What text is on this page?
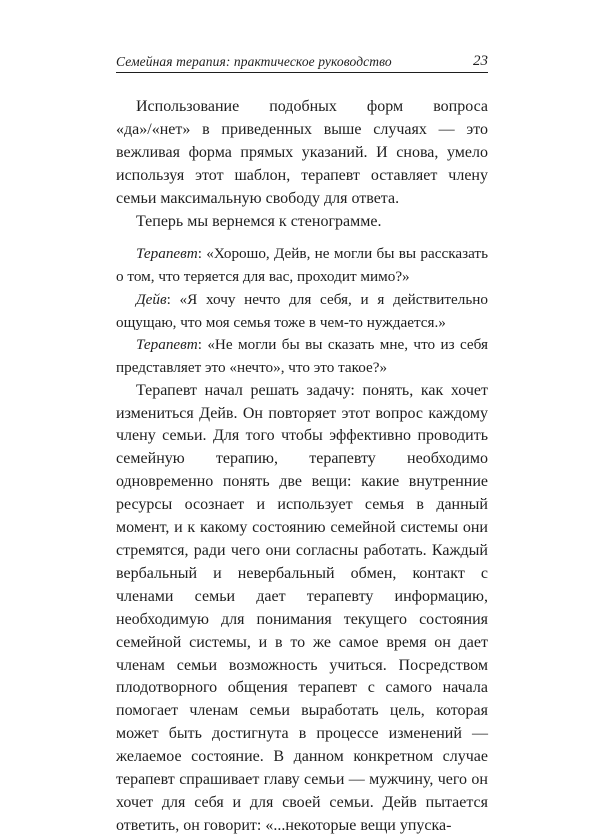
Семейная терапия: практическое руководство	23

Использование подобных форм вопроса «да»/«нет» в приведенных выше случаях — это вежливая форма прямых указаний. И снова, умело используя этот шаблон, терапевт оставляет члену семьи максимальную свободу для ответа.

Теперь мы вернемся к стенограмме.

Терапевт: «Хорошо, Дейв, не могли бы вы рассказать о том, что теряется для вас, проходит мимо?»

Дейв: «Я хочу нечто для себя, и я действительно ощущаю, что моя семья тоже в чем-то нуждается.»

Терапевт: «Не могли бы вы сказать мне, что из себя представляет это «нечто», что это такое?»

Терапевт начал решать задачу: понять, как хочет измениться Дейв. Он повторяет этот вопрос каждому члену семьи. Для того чтобы эффективно проводить семейную терапию, терапевту необходимо одновременно понять две вещи: какие внутренние ресурсы осознает и использует семья в данный момент, и к какому состоянию семейной системы они стремятся, ради чего они согласны работать. Каждый вербальный и невербальный обмен, контакт с членами семьи дает терапевту информацию, необходимую для понимания текущего состояния семейной системы, и в то же самое время он дает членам семьи возможность учиться. Посредством плодотворного общения терапевт с самого начала помогает членам семьи выработать цель, которая может быть достигнута в процессе изменений — желаемое состояние. В данном конкретном случае терапевт спрашивает главу семьи — мужчину, чего он хочет для себя и для своей семьи. Дейв пытается ответить, он говорит: «...некоторые вещи упуска-
